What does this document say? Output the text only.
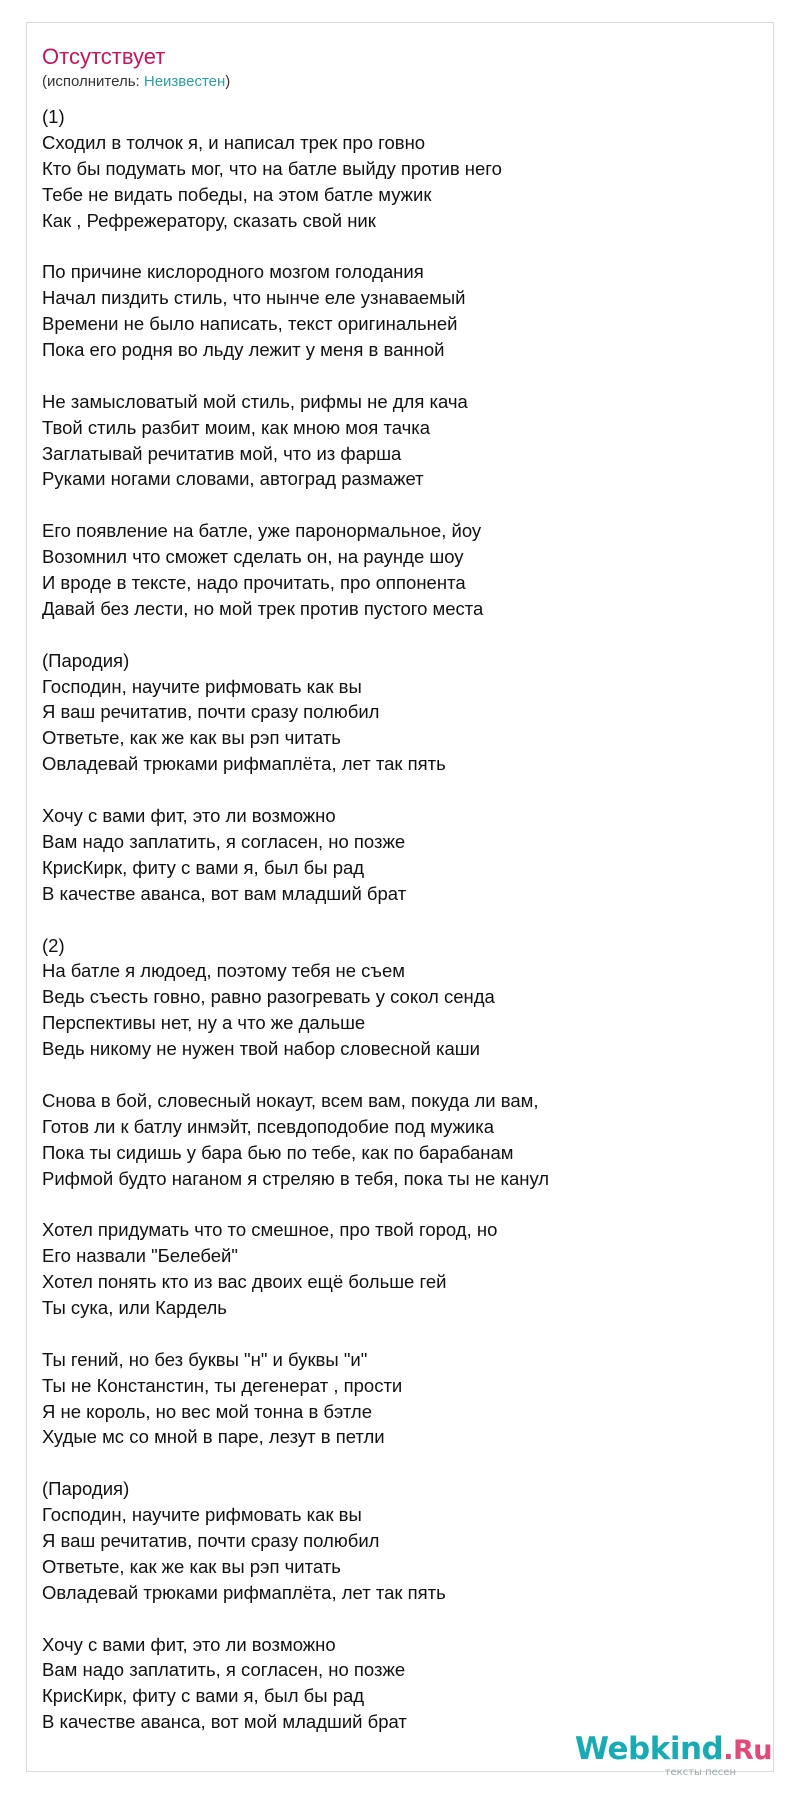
Отсутствует
(исполнитель: Неизвестен)
(1)
Сходил в толчок я, и написал трек про говно
Кто бы подумать мог, что на батле выйду против него
Тебе не видать победы, на этом батле мужик
Как , Рефрежератору, сказать свой ник
По причине кислородного мозгом голодания
Начал пиздить стиль, что нынче еле узнаваемый
Времени не было написать, текст оригинальней
Пока его родня во льду лежит у меня в ванной
Не замысловатый мой стиль, рифмы не для кача
Твой стиль разбит моим, как мною моя тачка
Заглатывай речитатив мой, что из фарша
Руками ногами словами, автоград размажет
Его появление на батле, уже паронормальное, йоу
Возомнил что сможет сделать он, на раунде шоу
И вроде в тексте, надо прочитать, про оппонента
Давай без лести, но мой трек против пустого места
(Пародия)
Господин, научите рифмовать как вы
Я ваш речитатив, почти сразу полюбил
Ответьте, как же как вы рэп читать
Овладевай трюками рифмаплёта, лет так пять
Хочу с вами фит, это ли возможно
Вам надо заплатить, я согласен, но позже
КрисКирк, фиту с вами я, был бы рад
В качестве аванса, вот вам младший брат
(2)
На батле я людоед, поэтому тебя не съем
Ведь съесть говно, равно разогревать у сокол сенда
Перспективы нет, ну а что же дальше
Ведь никому не нужен твой набор словесной каши
Снова в бой, словесный нокаут, всем вам, покуда ли вам,
Готов ли к батлу инмэйт, псевдоподобие под мужика
Пока ты сидишь у бара бью по тебе, как по барабанам
Рифмой будто наганом я стреляю в тебя, пока ты не канул
Хотел придумать что то смешное, про твой город, но
Его назвали "Белебей"
Хотел понять кто из вас двоих ещё больше гей
Ты сука, или Кардель
Ты гений, но без буквы "н" и буквы "и"
Ты не Констанстин, ты дегенерат , прости
Я не король, но вес мой тонна в бэтле
Худые мс со мной в паре, лезут в петли
(Пародия)
Господин, научите рифмовать как вы
Я ваш речитатив, почти сразу полюбил
Ответьте, как же как вы рэп читать
Овладевай трюками рифмаплёта, лет так пять
Хочу с вами фит, это ли возможно
Вам надо заплатить, я согласен, но позже
КрисКирк, фиту с вами я, был бы рад
В качестве аванса, вот мой младший брат
Webkind.Ru
тексты песен
